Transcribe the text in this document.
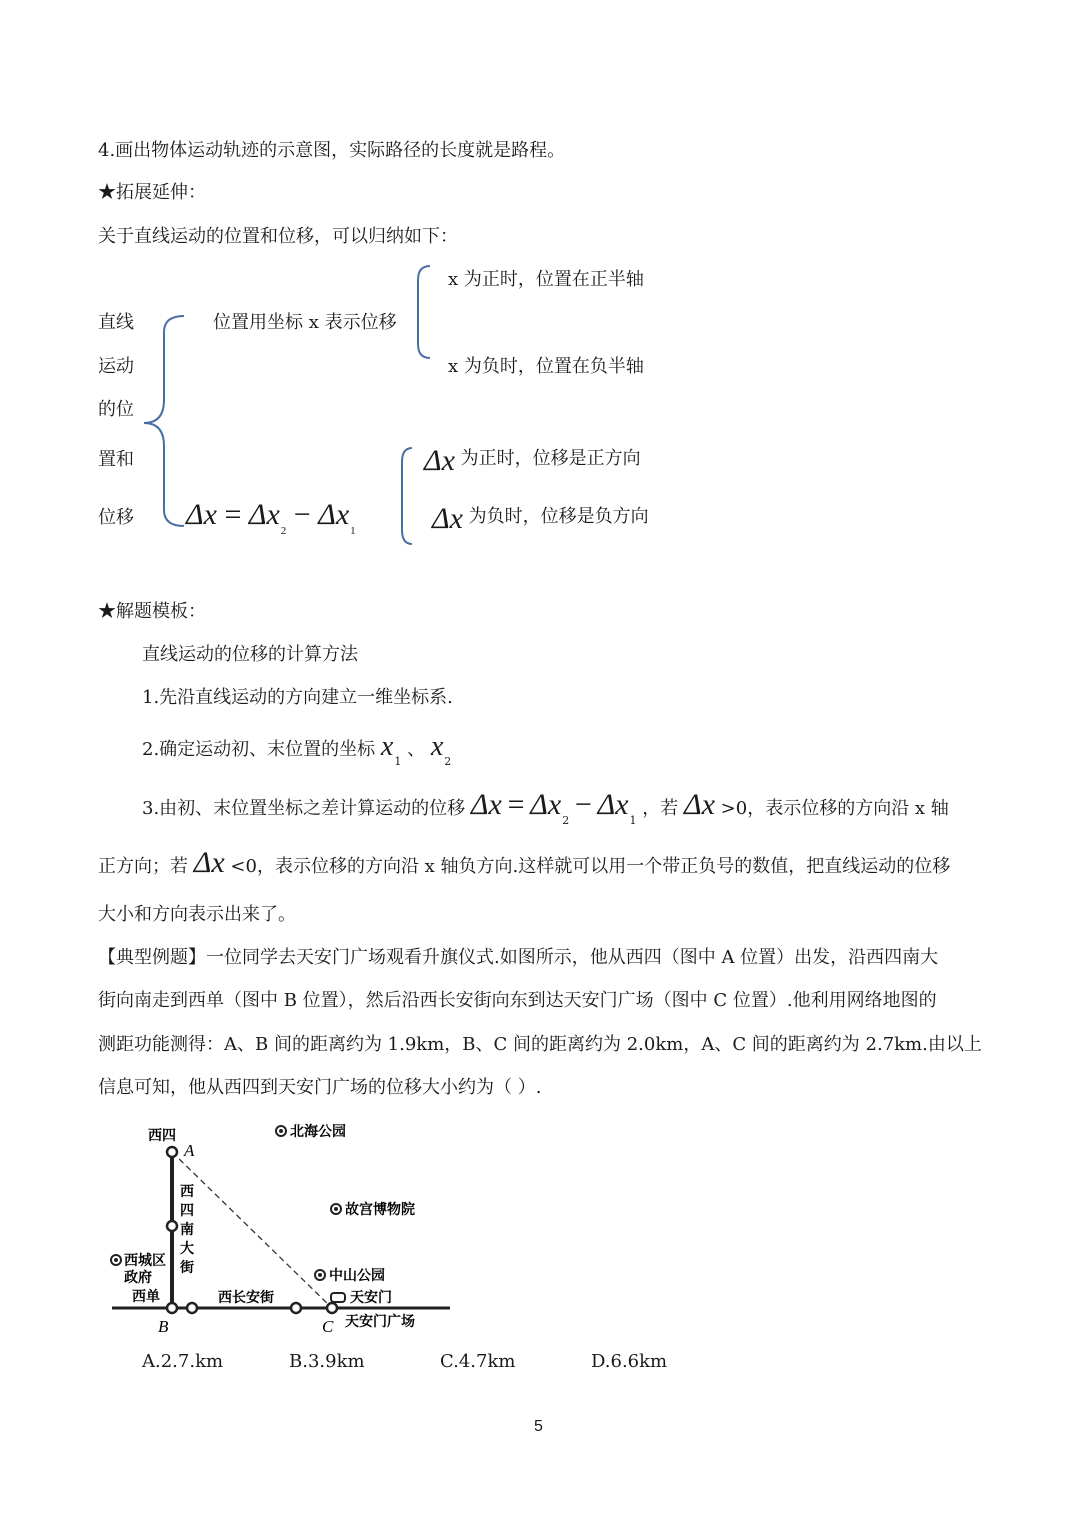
4.画出物体运动轨迹的示意图，实际路径的长度就是路程。
★拓展延伸：
关于直线运动的位置和位移，可以归纳如下：
直线
运动
的位
置和
位移
位置用坐标 x 表示位移
x 为正时，位置在正半轴
x 为负时，位置在负半轴
Δx 为正时，位移是正方向
Δx 为负时，位移是负方向
$\Delta x = \Delta x_2 - \Delta x_1$
★解题模板：
直线运动的位移的计算方法
1.先沿直线运动的方向建立一维坐标系.
2.确定运动初、末位置的坐标 $x_1$ 、 $x_2$
3.由初、末位置坐标之差计算运动的位移 $\Delta x = \Delta x_2 - \Delta x_1$ ，若 Δx >0，表示位移的方向沿 x 轴
正方向；若 Δx <0，表示位移的方向沿 x 轴负方向.这样就可以用一个带正负号的数值，把直线运动的位移
大小和方向表示出来了。
【典型例题】一位同学去天安门广场观看升旗仪式.如图所示，他从西四（图中 A 位置）出发，沿西四南大
街向南走到西单（图中 B 位置），然后沿西长安街向东到达天安门广场（图中 C 位置）.他利用网络地图的
测距功能测得：A、B 间的距离约为 1.9km，B、C 间的距离约为 2.0km，A、C 间的距离约为 2.7km.由以上
信息可知，他从西四到天安门广场的位移大小约为（ ）.
西四
A
B	C
北海公园
故宫博物院
西
四
南
大
街
西城区
政府
西单
中山公园
西长安街	天安门
天安门广场
A.2.7.km	B.3.9km	C.4.7km	D.6.6km
5
